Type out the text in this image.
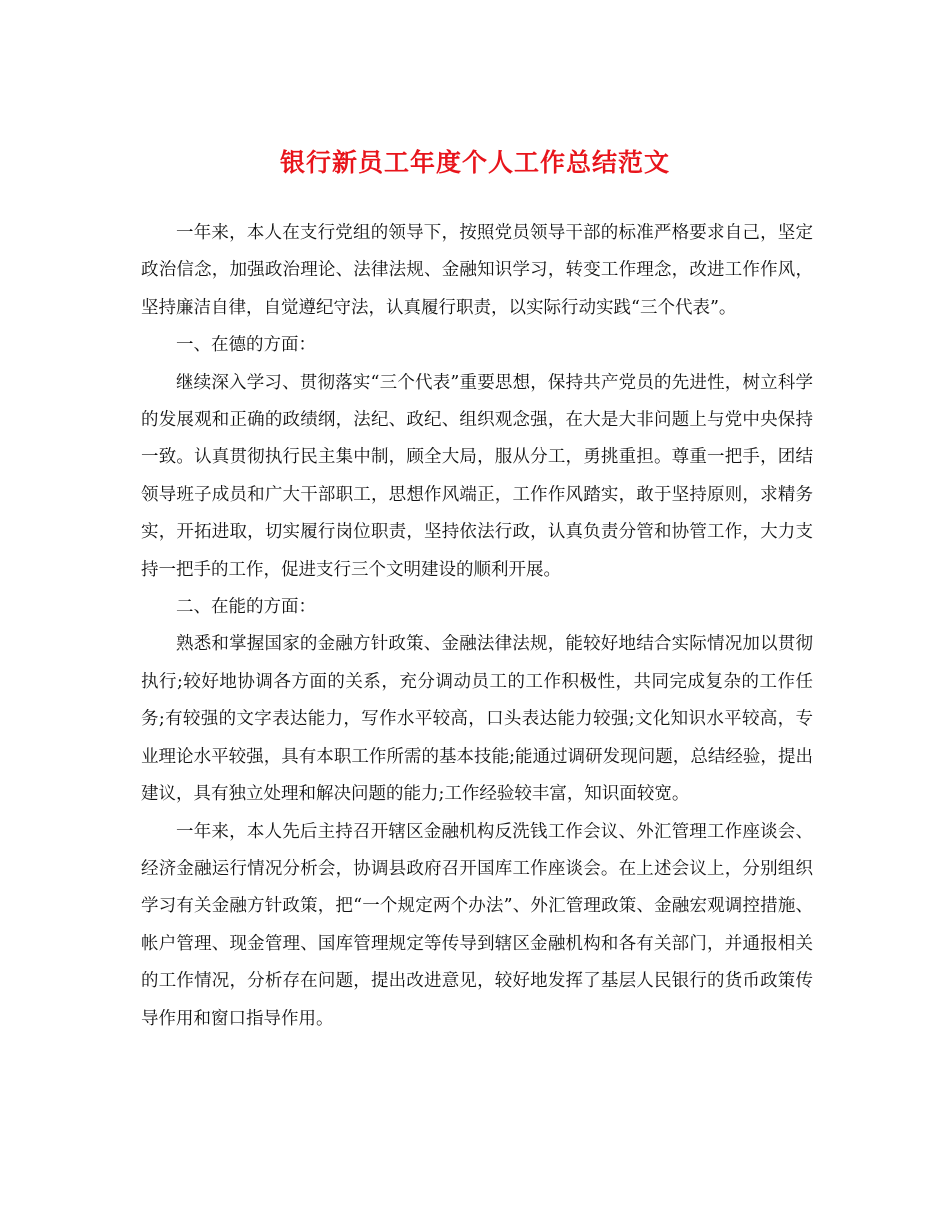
银行新员工年度个人工作总结范文

一年来，本人在支行党组的领导下，按照党员领导干部的标准严格要求自己，坚定政治信念，加强政治理论、法律法规、金融知识学习，转变工作理念，改进工作作风，坚持廉洁自律，自觉遵纪守法，认真履行职责，以实际行动实践“三个代表”。

一、在德的方面：

继续深入学习、贯彻落实“三个代表”重要思想，保持共产党员的先进性，树立科学的发展观和正确的政绩纲，法纪、政纪、组织观念强，在大是大非问题上与党中央保持一致。认真贯彻执行民主集中制，顾全大局，服从分工，勇挑重担。尊重一把手，团结领导班子成员和广大干部职工，思想作风端正，工作作风踏实，敢于坚持原则，求精务实，开拓进取，切实履行岗位职责，坚持依法行政，认真负责分管和协管工作，大力支持一把手的工作，促进支行三个文明建设的顺利开展。

二、在能的方面：

熟悉和掌握国家的金融方针政策、金融法律法规，能较好地结合实际情况加以贯彻执行;较好地协调各方面的关系，充分调动员工的工作积极性，共同完成复杂的工作任务;有较强的文字表达能力，写作水平较高，口头表达能力较强;文化知识水平较高，专业理论水平较强，具有本职工作所需的基本技能;能通过调研发现问题，总结经验，提出建议，具有独立处理和解决问题的能力;工作经验较丰富，知识面较宽。

一年来，本人先后主持召开辖区金融机构反洗钱工作会议、外汇管理工作座谈会、经济金融运行情况分析会，协调县政府召开国库工作座谈会。在上述会议上，分别组织学习有关金融方针政策，把“一个规定两个办法”、外汇管理政策、金融宏观调控措施、帐户管理、现金管理、国库管理规定等传导到辖区金融机构和各有关部门，并通报相关的工作情况，分析存在问题，提出改进意见，较好地发挥了基层人民银行的货币政策传导作用和窗口指导作用。
